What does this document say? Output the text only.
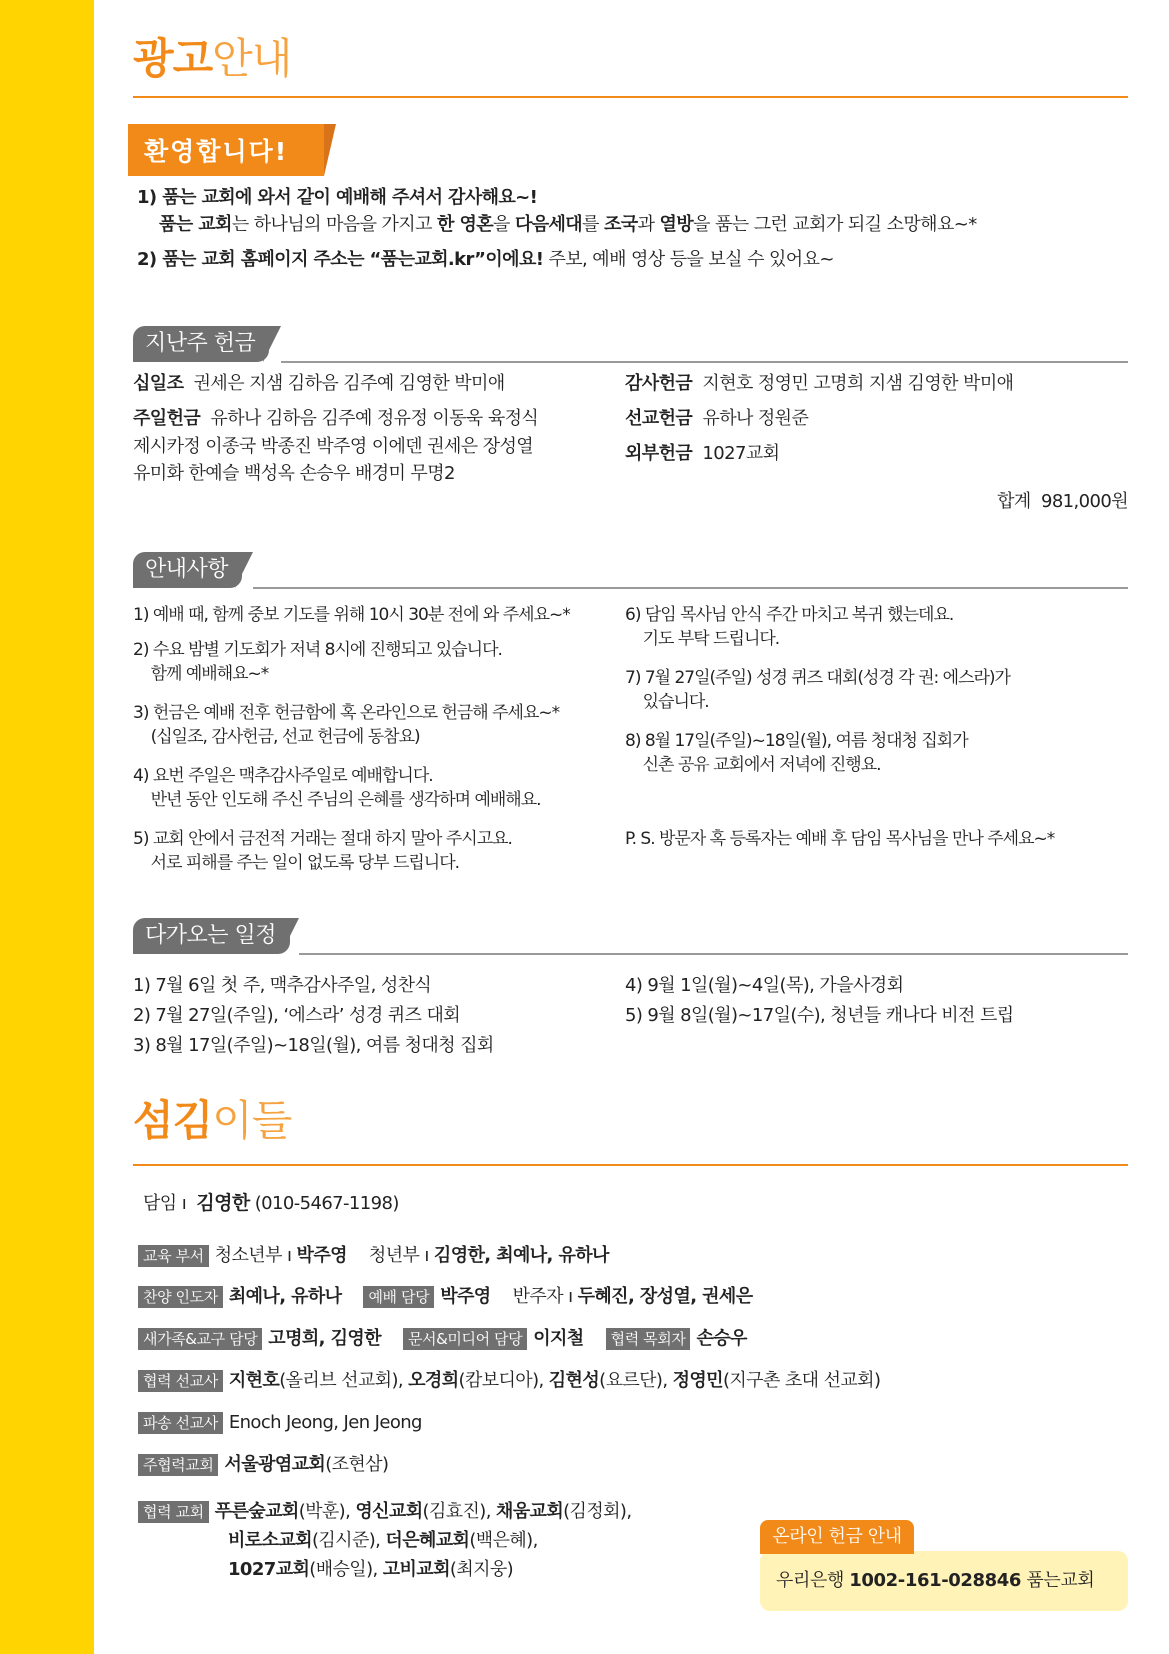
광고안내
환영합니다!
1) 품는 교회에 와서 같이 예배해 주셔서 감사해요~!
품는 교회는 하나님의 마음을 가지고 한 영혼을 다음세대를 조국과 열방을 품는 그런 교회가 되길 소망해요~*
2) 품는 교회 홈페이지 주소는 “품는교회.kr”이에요! 주보, 예배 영상 등을 보실 수 있어요~
지난주 헌금
십일조 권세은 지샘 김하음 김주예 김영한 박미애
주일헌금 유하나 김하음 김주예 정유정 이동욱 육정식
제시카정 이종국 박종진 박주영 이에덴 권세은 장성열
유미화 한예슬 백성옥 손승우 배경미 무명2
감사헌금 지현호 정영민 고명희 지샘 김영한 박미애
선교헌금 유하나 정원준
외부헌금 1027교회
합계 981,000원
안내사항
1) 예배 때, 함께 중보 기도를 위해 10시 30분 전에 와 주세요~*
2) 수요 밤별 기도회가 저녁 8시에 진행되고 있습니다.
함께 예배해요~*
3) 헌금은 예배 전후 헌금함에 혹 온라인으로 헌금해 주세요~*
(십일조, 감사헌금, 선교 헌금에 동참요)
4) 요번 주일은 맥추감사주일로 예배합니다.
반년 동안 인도해 주신 주님의 은혜를 생각하며 예배해요.
5) 교회 안에서 금전적 거래는 절대 하지 말아 주시고요.
서로 피해를 주는 일이 없도록 당부 드립니다.
6) 담임 목사님 안식 주간 마치고 복귀 했는데요.
기도 부탁 드립니다.
7) 7월 27일(주일) 성경 퀴즈 대회(성경 각 권: 에스라)가
있습니다.
8) 8월 17일(주일)~18일(월), 여름 청대청 집회가
신촌 공유 교회에서 저녁에 진행요.
P. S. 방문자 혹 등록자는 예배 후 담임 목사님을 만나 주세요~*
다가오는 일정
1) 7월 6일 첫 주, 맥추감사주일, 성찬식
2) 7월 27일(주일), ‘에스라’ 성경 퀴즈 대회
3) 8월 17일(주일)~18일(월), 여름 청대청 집회
4) 9월 1일(월)~4일(목), 가을사경회
5) 9월 8일(월)~17일(수), 청년들 캐나다 비전 트립
섬김이들
담임 ı 김영한 (010-5467-1198)
교육 부서 청소년부 ı 박주영 청년부 ı 김영한, 최예나, 유하나
찬양 인도자 최예나, 유하나 예배 담당 박주영 반주자 ı 두혜진, 장성열, 권세은
새가족&교구 담당 고명희, 김영한 문서&미디어 담당 이지철 협력 목회자 손승우
협력 선교사 지현호(올리브 선교회), 오경희(캄보디아), 김현성(요르단), 정영민(지구촌 초대 선교회)
파송 선교사 Enoch Jeong, Jen Jeong
주협력교회 서울광염교회(조현삼)
협력 교회 푸른숲교회(박훈), 영신교회(김효진), 채움교회(김정회),
비로소교회(김시준), 더은혜교회(백은혜),
1027교회(배승일), 고비교회(최지웅)
우리은행 1002-161-028846 품는교회
온라인 헌금 안내
